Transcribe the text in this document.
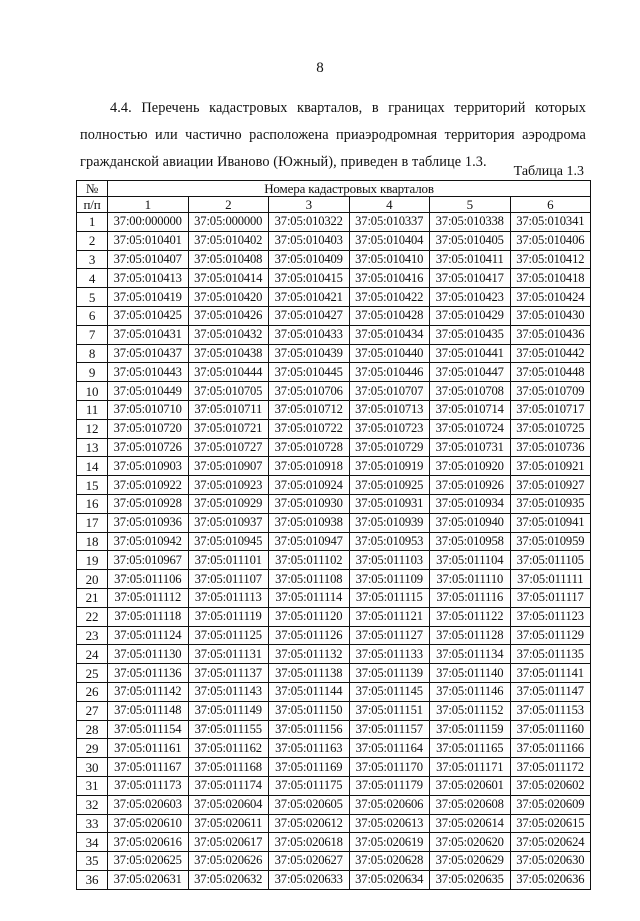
8

4.4. Перечень кадастровых кварталов, в границах территорий которых полностью или частично расположена приаэродромная территория аэродрома гражданской авиации Иваново (Южный), приведен в таблице 1.3.

Таблица 1.3
№	Номера кадастровых кварталов					
п/п	1	2	3	4	5	6
1	37:00:000000	37:05:000000	37:05:010322	37:05:010337	37:05:010338	37:05:010341
2	37:05:010401	37:05:010402	37:05:010403	37:05:010404	37:05:010405	37:05:010406
3	37:05:010407	37:05:010408	37:05:010409	37:05:010410	37:05:010411	37:05:010412
4	37:05:010413	37:05:010414	37:05:010415	37:05:010416	37:05:010417	37:05:010418
5	37:05:010419	37:05:010420	37:05:010421	37:05:010422	37:05:010423	37:05:010424
6	37:05:010425	37:05:010426	37:05:010427	37:05:010428	37:05:010429	37:05:010430
7	37:05:010431	37:05:010432	37:05:010433	37:05:010434	37:05:010435	37:05:010436
8	37:05:010437	37:05:010438	37:05:010439	37:05:010440	37:05:010441	37:05:010442
9	37:05:010443	37:05:010444	37:05:010445	37:05:010446	37:05:010447	37:05:010448
10	37:05:010449	37:05:010705	37:05:010706	37:05:010707	37:05:010708	37:05:010709
11	37:05:010710	37:05:010711	37:05:010712	37:05:010713	37:05:010714	37:05:010717
12	37:05:010720	37:05:010721	37:05:010722	37:05:010723	37:05:010724	37:05:010725
13	37:05:010726	37:05:010727	37:05:010728	37:05:010729	37:05:010731	37:05:010736
14	37:05:010903	37:05:010907	37:05:010918	37:05:010919	37:05:010920	37:05:010921
15	37:05:010922	37:05:010923	37:05:010924	37:05:010925	37:05:010926	37:05:010927
16	37:05:010928	37:05:010929	37:05:010930	37:05:010931	37:05:010934	37:05:010935
17	37:05:010936	37:05:010937	37:05:010938	37:05:010939	37:05:010940	37:05:010941
18	37:05:010942	37:05:010945	37:05:010947	37:05:010953	37:05:010958	37:05:010959
19	37:05:010967	37:05:011101	37:05:011102	37:05:011103	37:05:011104	37:05:011105
20	37:05:011106	37:05:011107	37:05:011108	37:05:011109	37:05:011110	37:05:011111
21	37:05:011112	37:05:011113	37:05:011114	37:05:011115	37:05:011116	37:05:011117
22	37:05:011118	37:05:011119	37:05:011120	37:05:011121	37:05:011122	37:05:011123
23	37:05:011124	37:05:011125	37:05:011126	37:05:011127	37:05:011128	37:05:011129
24	37:05:011130	37:05:011131	37:05:011132	37:05:011133	37:05:011134	37:05:011135
25	37:05:011136	37:05:011137	37:05:011138	37:05:011139	37:05:011140	37:05:011141
26	37:05:011142	37:05:011143	37:05:011144	37:05:011145	37:05:011146	37:05:011147
27	37:05:011148	37:05:011149	37:05:011150	37:05:011151	37:05:011152	37:05:011153
28	37:05:011154	37:05:011155	37:05:011156	37:05:011157	37:05:011159	37:05:011160
29	37:05:011161	37:05:011162	37:05:011163	37:05:011164	37:05:011165	37:05:011166
30	37:05:011167	37:05:011168	37:05:011169	37:05:011170	37:05:011171	37:05:011172
31	37:05:011173	37:05:011174	37:05:011175	37:05:011179	37:05:020601	37:05:020602
32	37:05:020603	37:05:020604	37:05:020605	37:05:020606	37:05:020608	37:05:020609
33	37:05:020610	37:05:020611	37:05:020612	37:05:020613	37:05:020614	37:05:020615
34	37:05:020616	37:05:020617	37:05:020618	37:05:020619	37:05:020620	37:05:020624
35	37:05:020625	37:05:020626	37:05:020627	37:05:020628	37:05:020629	37:05:020630
36	37:05:020631	37:05:020632	37:05:020633	37:05:020634	37:05:020635	37:05:020636
